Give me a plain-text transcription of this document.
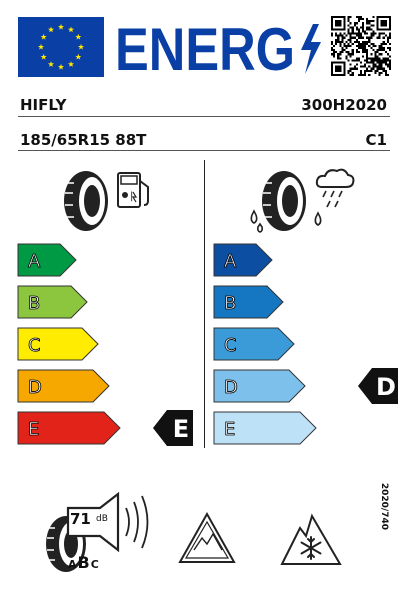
ENERG
HIFLY	300H2020
185/65R15 88T	C1
|
A
B
C
D
E
A
B
C
D
E
E
D
71 dB
ABC
2020/740
